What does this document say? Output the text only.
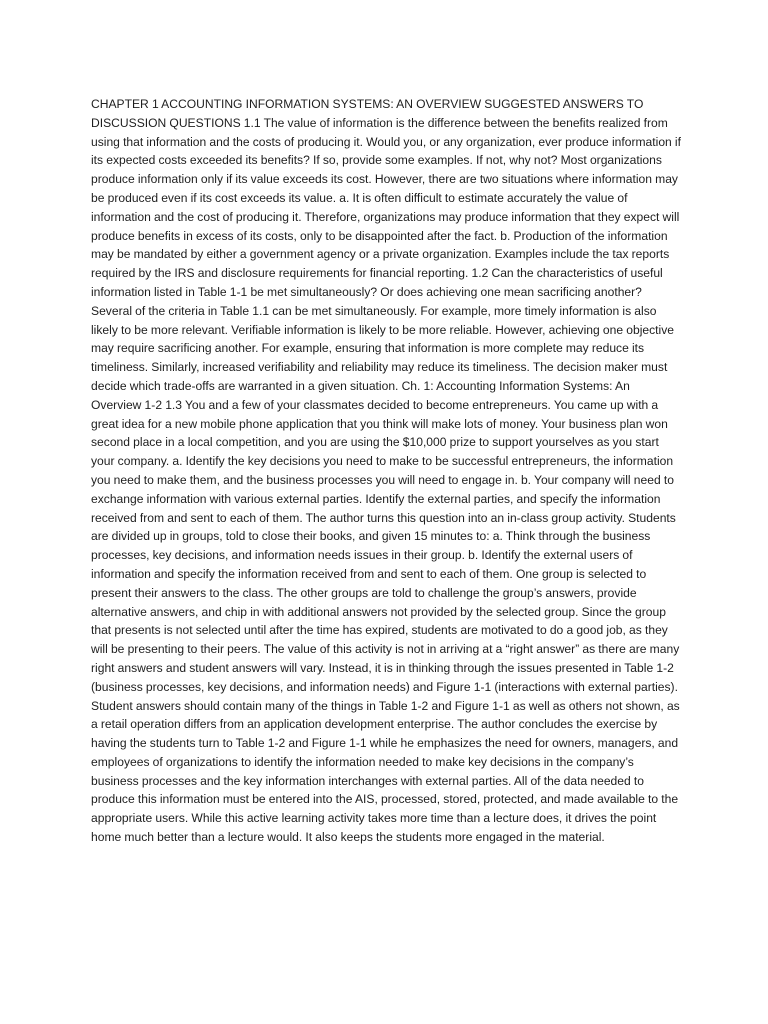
CHAPTER 1 ACCOUNTING INFORMATION SYSTEMS: AN OVERVIEW SUGGESTED ANSWERS TO DISCUSSION QUESTIONS 1.1 The value of information is the difference between the benefits realized from using that information and the costs of producing it. Would you, or any organization, ever produce information if its expected costs exceeded its benefits? If so, provide some examples. If not, why not? Most organizations produce information only if its value exceeds its cost. However, there are two situations where information may be produced even if its cost exceeds its value. a. It is often difficult to estimate accurately the value of information and the cost of producing it. Therefore, organizations may produce information that they expect will produce benefits in excess of its costs, only to be disappointed after the fact. b. Production of the information may be mandated by either a government agency or a private organization. Examples include the tax reports required by the IRS and disclosure requirements for financial reporting. 1.2 Can the characteristics of useful information listed in Table 1-1 be met simultaneously? Or does achieving one mean sacrificing another? Several of the criteria in Table 1.1 can be met simultaneously. For example, more timely information is also likely to be more relevant. Verifiable information is likely to be more reliable. However, achieving one objective may require sacrificing another. For example, ensuring that information is more complete may reduce its timeliness. Similarly, increased verifiability and reliability may reduce its timeliness. The decision maker must decide which trade-offs are warranted in a given situation. Ch. 1: Accounting Information Systems: An Overview 1-2 1.3 You and a few of your classmates decided to become entrepreneurs. You came up with a great idea for a new mobile phone application that you think will make lots of money. Your business plan won second place in a local competition, and you are using the $10,000 prize to support yourselves as you start your company. a. Identify the key decisions you need to make to be successful entrepreneurs, the information you need to make them, and the business processes you will need to engage in. b. Your company will need to exchange information with various external parties. Identify the external parties, and specify the information received from and sent to each of them. The author turns this question into an in-class group activity. Students are divided up in groups, told to close their books, and given 15 minutes to: a. Think through the business processes, key decisions, and information needs issues in their group. b. Identify the external users of information and specify the information received from and sent to each of them. One group is selected to present their answers to the class. The other groups are told to challenge the group’s answers, provide alternative answers, and chip in with additional answers not provided by the selected group. Since the group that presents is not selected until after the time has expired, students are motivated to do a good job, as they will be presenting to their peers. The value of this activity is not in arriving at a “right answer” as there are many right answers and student answers will vary. Instead, it is in thinking through the issues presented in Table 1-2 (business processes, key decisions, and information needs) and Figure 1-1 (interactions with external parties). Student answers should contain many of the things in Table 1-2 and Figure 1-1 as well as others not shown, as a retail operation differs from an application development enterprise. The author concludes the exercise by having the students turn to Table 1-2 and Figure 1-1 while he emphasizes the need for owners, managers, and employees of organizations to identify the information needed to make key decisions in the company’s business processes and the key information interchanges with external parties. All of the data needed to produce this information must be entered into the AIS, processed, stored, protected, and made available to the appropriate users. While this active learning activity takes more time than a lecture does, it drives the point home much better than a lecture would. It also keeps the students more engaged in the material.
